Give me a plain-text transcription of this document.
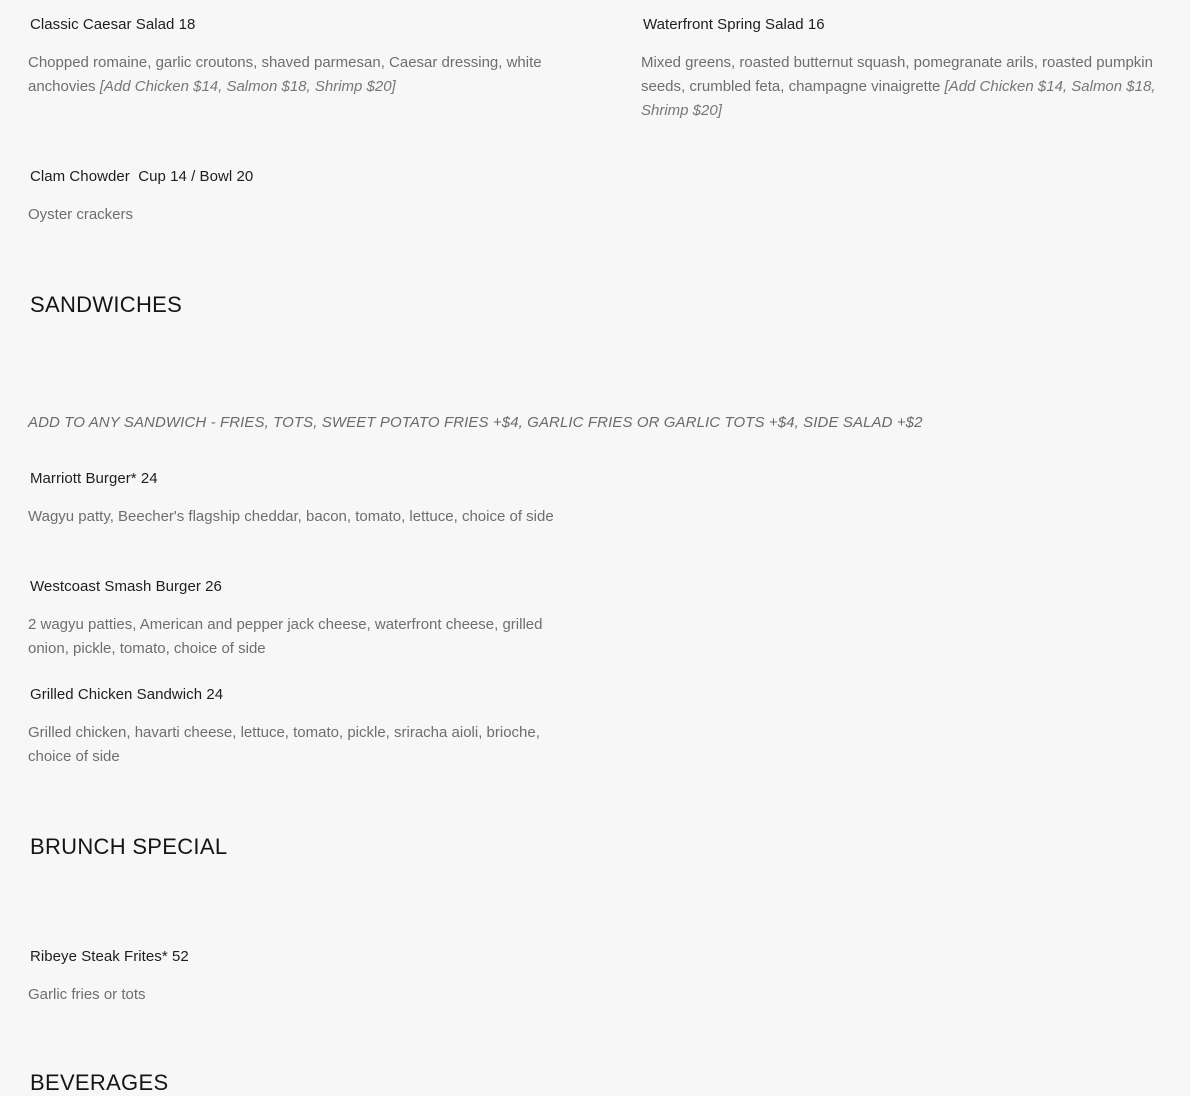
Classic Caesar Salad 18
Chopped romaine, garlic croutons, shaved parmesan, Caesar dressing, white anchovies [Add Chicken $14, Salmon $18, Shrimp $20]
Waterfront Spring Salad 16
Mixed greens, roasted butternut squash, pomegranate arils, roasted pumpkin seeds, crumbled feta, champagne vinaigrette [Add Chicken $14, Salmon $18, Shrimp $20]
Clam Chowder  Cup 14 / Bowl 20
Oyster crackers
SANDWICHES
ADD TO ANY SANDWICH - FRIES, TOTS, SWEET POTATO FRIES +$4, GARLIC FRIES OR GARLIC TOTS +$4, SIDE SALAD +$2
Marriott Burger* 24
Wagyu patty, Beecher's flagship cheddar, bacon, tomato, lettuce, choice of side
Westcoast Smash Burger 26
2 wagyu patties, American and pepper jack cheese, waterfront cheese, grilled onion, pickle, tomato, choice of side
Grilled Chicken Sandwich 24
Grilled chicken, havarti cheese, lettuce, tomato, pickle, sriracha aioli, brioche, choice of side
BRUNCH SPECIAL
Ribeye Steak Frites* 52
Garlic fries or tots
BEVERAGES
